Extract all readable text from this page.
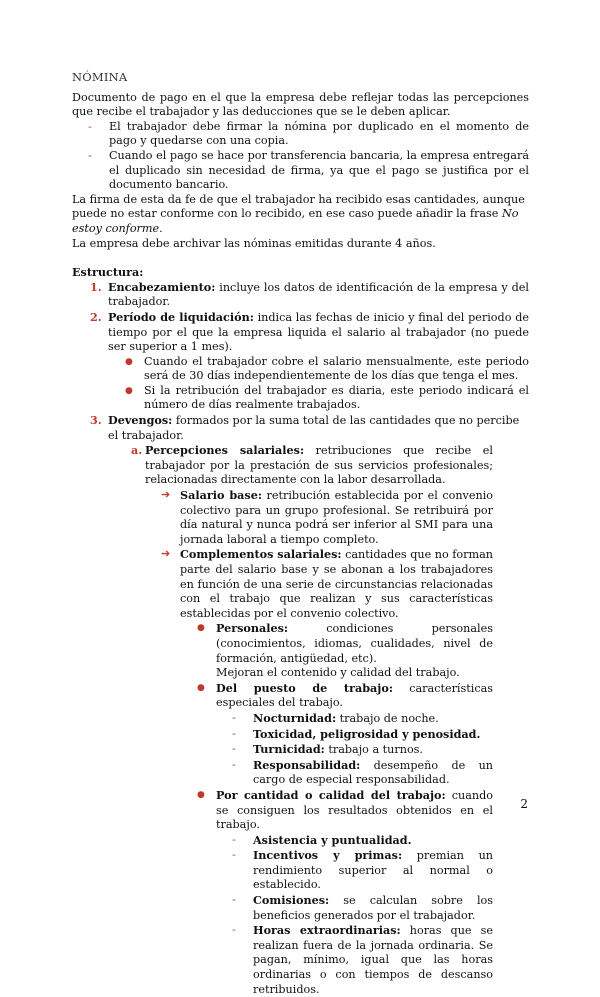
NÓMINA

Documento de pago en el que la empresa debe reflejar todas las percepciones que recibe el trabajador y las deducciones que se le deben aplicar.

- El trabajador debe firmar la nómina por duplicado en el momento de pago y quedarse con una copia.
- Cuando el pago se hace por transferencia bancaria, la empresa entregará el duplicado sin necesidad de firma, ya que el pago se justifica por el documento bancario.

La firma de esta da fe de que el trabajador ha recibido esas cantidades, aunque puede no estar conforme con lo recibido, en ese caso puede añadir la frase No estoy conforme.

La empresa debe archivar las nóminas emitidas durante 4 años.

Estructura:

1. Encabezamiento: incluye los datos de identificación de la empresa y del trabajador.
2. Período de liquidación: indica las fechas de inicio y final del periodo de tiempo por el que la empresa liquida el salario al trabajador (no puede ser superior a 1 mes).
● Cuando el trabajador cobre el salario mensualmente, este periodo será de 30 días independientemente de los días que tenga el mes.
● Si la retribución del trabajador es diaria, este periodo indicará el número de días realmente trabajados.
3. Devengos: formados por la suma total de las cantidades que no percibe el trabajador.
a. Percepciones salariales: retribuciones que recibe el trabajador por la prestación de sus servicios profesionales; relacionadas directamente con la labor desarrollada.
➔ Salario base: retribución establecida por el convenio colectivo para un grupo profesional. Se retribuirá por día natural y nunca podrá ser inferior al SMI para una jornada laboral a tiempo completo.
➔ Complementos salariales: cantidades que no forman parte del salario base y se abonan a los trabajadores en función de una serie de circunstancias relacionadas con el trabajo que realizan y sus características establecidas por el convenio colectivo.
● Personales: condiciones personales (conocimientos, idiomas, cualidades, nivel de formación, antigüedad, etc).
Mejoran el contenido y calidad del trabajo.
● Del puesto de trabajo: características especiales del trabajo.
- Nocturnidad: trabajo de noche.
- Toxicidad, peligrosidad y penosidad.
- Turnicidad: trabajo a turnos.
- Responsabilidad: desempeño de un cargo de especial responsabilidad.
● Por cantidad o calidad del trabajo: cuando se consiguen los resultados obtenidos en el trabajo.
- Asistencia y puntualidad.
- Incentivos y primas: premian un rendimiento superior al normal o establecido.
- Comisiones: se calculan sobre los beneficios generados por el trabajador.
- Horas extraordinarias: horas que se realizan fuera de la jornada ordinaria. Se pagan, mínimo, igual que las horas ordinarias o con tiempos de descanso retribuidos.
2
